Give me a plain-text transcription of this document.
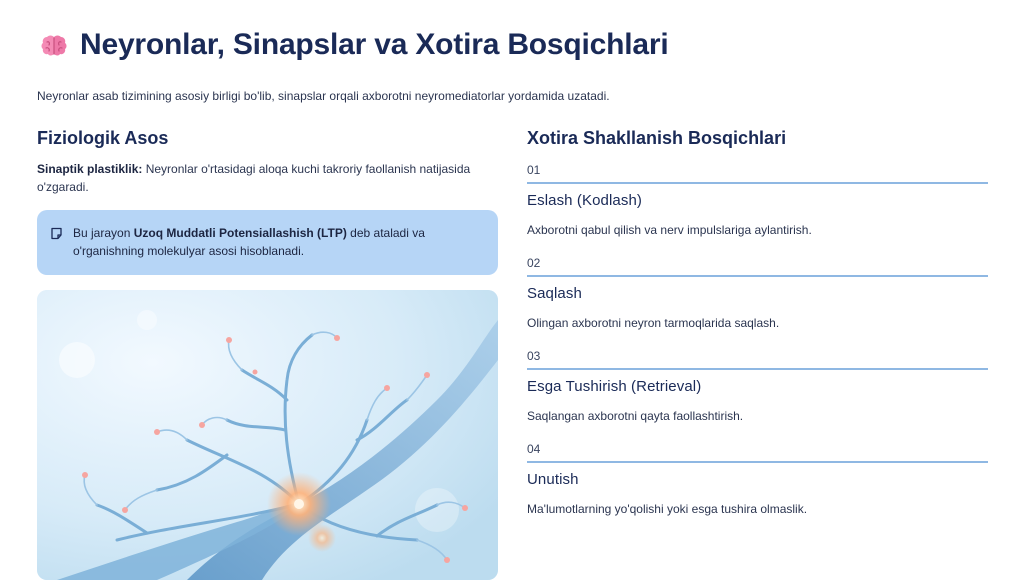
Neyronlar, Sinapslar va Xotira Bosqichlari
Neyronlar asab tizimining asosiy birligi bo'lib, sinapslar orqali axborotni neyromediatorlar yordamida uzatadi.
Fiziologik Asos
Sinaptik plastiklik: Neyronlar o'rtasidagi aloqa kuchi takroriy faollanish natijasida o'zgaradi.
Bu jarayon Uzoq Muddatli Potensiallashish (LTP) deb ataladi va o'rganishning molekulyar asosi hisoblanadi.
Xotira Shakllanish Bosqichlari
01
Eslash (Kodlash)
Axborotni qabul qilish va nerv impulslariga aylantirish.
02
Saqlash
Olingan axborotni neyron tarmoqlarida saqlash.
03
Esga Tushirish (Retrieval)
Saqlangan axborotni qayta faollashtirish.
04
Unutish
Ma'lumotlarning yo'qolishi yoki esga tushira olmaslik.
